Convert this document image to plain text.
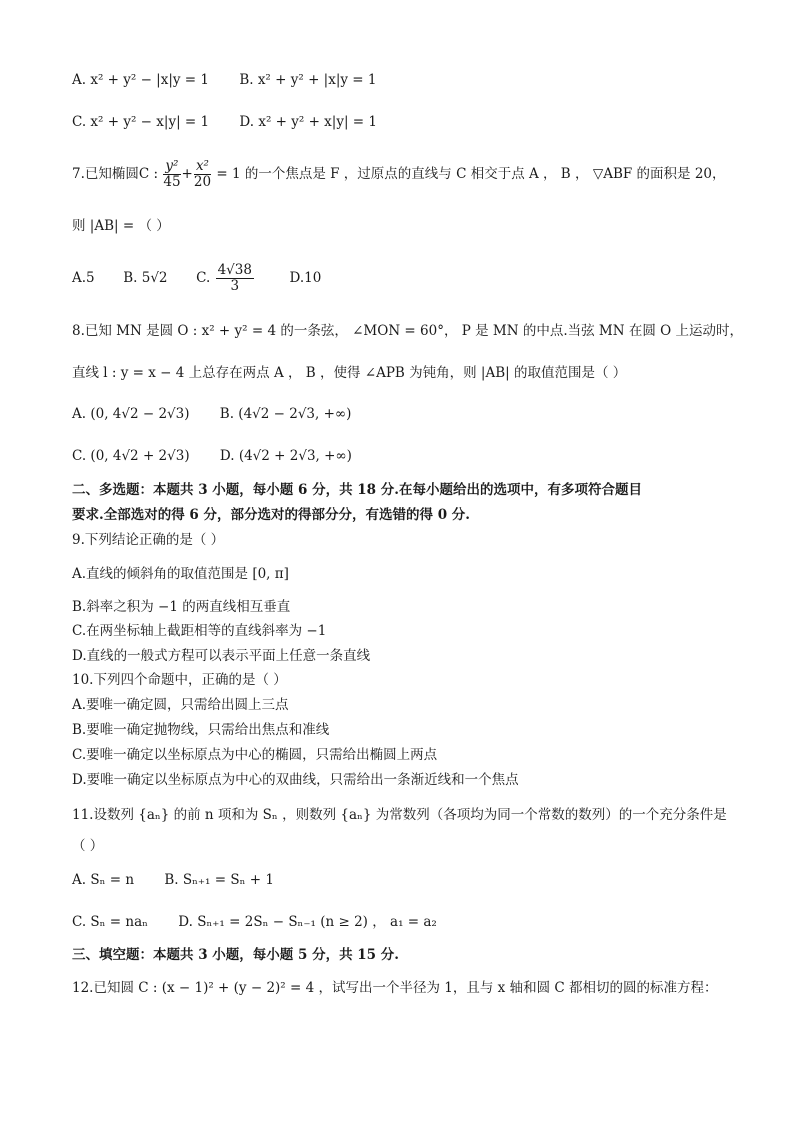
A. x² + y² − |x|y = 1 B. x² + y² + |x|y = 1
C. x² + y² − x|y| = 1 D. x² + y² + x|y| = 1
7.已知椭圆C : $\frac{\text{y²}}{45} + \frac{\text{x²}}{20} = 1$ 的一个焦点是 F ，过原点的直线与 C 相交于点 A ， B ， ▽ABF 的面积是 20，
则 |AB| = （ ）
A.5 B. 5√2 C. $\frac{4√38}{3}$	D.10
8.已知 MN 是圆 O : x² + y² = 4 的一条弦， ∠MON = 60°， P 是 MN 的中点.当弦 MN 在圆 O 上运动时，
直线 l : y = x − 4 上总存在两点 A ， B ，使得 ∠APB 为钝角，则 |AB| 的取值范围是（ ）
A. (0, 4√2 − 2√3) B. (4√2 − 2√3, +∞)
C. (0, 4√2 + 2√3) D. (4√2 + 2√3, +∞)
二、多选题：本题共 3 小题，每小题 6 分，共 18 分.在每小题给出的选项中，有多项符合题目
要求.全部选对的得 6 分，部分选对的得部分分，有选错的得 0 分.
9.下列结论正确的是（ ）
A.直线的倾斜角的取值范围是 [0, π]
B.斜率之积为 −1 的两直线相互垂直
C.在两坐标轴上截距相等的直线斜率为 −1
D.直线的一般式方程可以表示平面上任意一条直线
10.下列四个命题中，正确的是（ ）
A.要唯一确定圆，只需给出圆上三点
B.要唯一确定抛物线，只需给出焦点和准线
C.要唯一确定以坐标原点为中心的椭圆，只需给出椭圆上两点
D.要唯一确定以坐标原点为中心的双曲线，只需给出一条渐近线和一个焦点
11.设数列 {aₙ} 的前 n 项和为 Sₙ ，则数列 {aₙ} 为常数列（各项均为同一个常数的数列）的一个充分条件是
（ ）
A. Sₙ = n B. Sₙ₊₁ = Sₙ + 1
C. Sₙ = naₙ D. Sₙ₊₁ = 2Sₙ − Sₙ₋₁ (n ≥ 2) ， a₁ = a₂
三、填空题：本题共 3 小题，每小题 5 分，共 15 分.
12.已知圆 C : (x − 1)² + (y − 2)² = 4 ，试写出一个半径为 1，且与 x 轴和圆 C 都相切的圆的标准方程：
